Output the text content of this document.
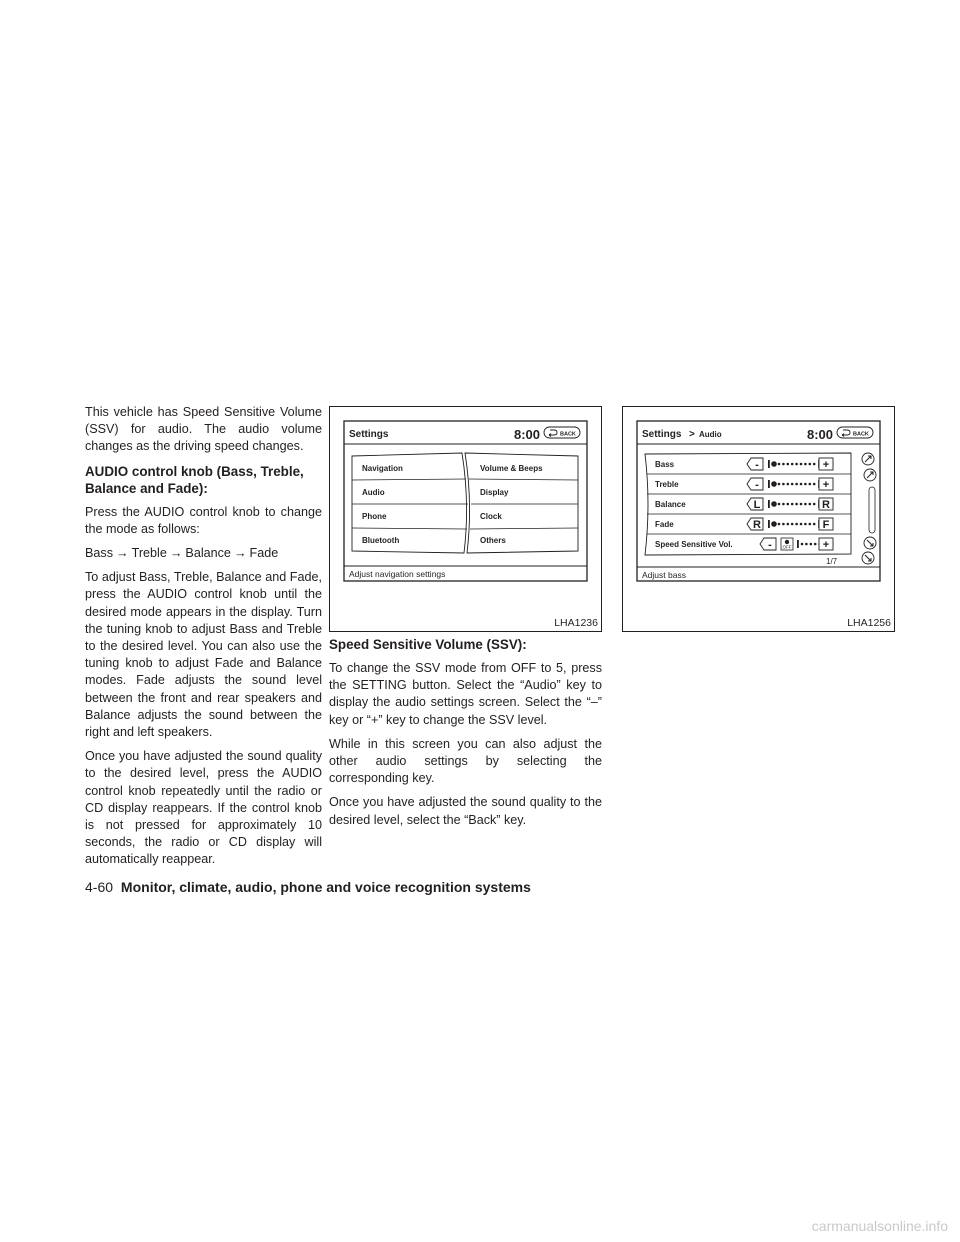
This vehicle has Speed Sensitive Volume (SSV) for audio. The audio volume changes as the driving speed changes.

AUDIO control knob (Bass, Treble, Balance and Fade):

Press the AUDIO control knob to change the mode as follows:

Bass → Treble → Balance → Fade

To adjust Bass, Treble, Balance and Fade, press the AUDIO control knob until the desired mode appears in the display. Turn the tuning knob to adjust Bass and Treble to the desired level. You can also use the tuning knob to adjust Fade and Balance modes. Fade adjusts the sound level between the front and rear speakers and Balance adjusts the sound between the right and left speakers.

Once you have adjusted the sound quality to the desired level, press the AUDIO control knob repeatedly until the radio or CD display reappears. If the control knob is not pressed for approximately 10 seconds, the radio or CD display will automatically reappear.

Settings	8:00	BACK
Navigation
Audio
Phone
Bluetooth
Volume & Beeps
Display
Clock
Others
Adjust navigation settings
LHA1236
Settings > Audio	8:00	BACK
Bass	-	+
Treble	-	+
Balance	L	R
Fade	R	F
Speed Sensitive Vol.	- OFF	+
1/7
Adjust bass
LHA1256
Speed Sensitive Volume (SSV):

To change the SSV mode from OFF to 5, press the SETTING button. Select the “Audio” key to display the audio settings screen. Select the “–” key or “+” key to change the SSV level.

While in this screen you can also adjust the other audio settings by selecting the corresponding key.

Once you have adjusted the sound quality to the desired level, select the “Back” key.

4-60 Monitor, climate, audio, phone and voice recognition systems
carmanualsonline.info
